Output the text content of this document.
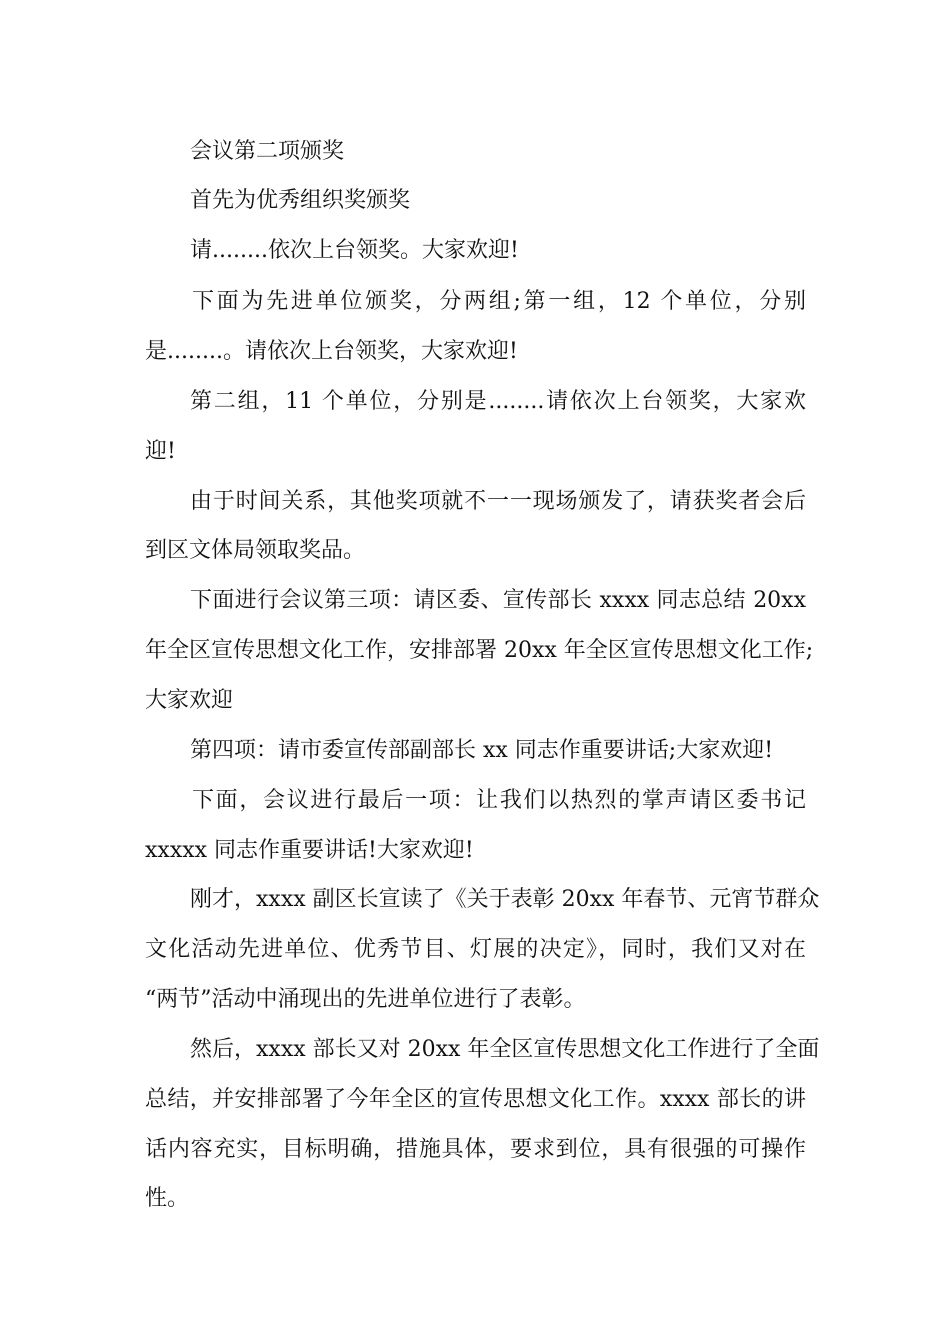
会议第二项颁奖
首先为优秀组织奖颁奖
请........依次上台领奖。大家欢迎!
下面为先进单位颁奖，分两组;第一组，12 个单位，分别
是........。请依次上台领奖，大家欢迎!
第二组，11 个单位，分别是........请依次上台领奖，大家欢
迎!
由于时间关系，其他奖项就不一一现场颁发了，请获奖者会后
到区文体局领取奖品。
下面进行会议第三项：请区委、宣传部长 xxxx 同志总结 20xx
年全区宣传思想文化工作，安排部署 20xx 年全区宣传思想文化工作;
大家欢迎
第四项：请市委宣传部副部长 xx 同志作重要讲话;大家欢迎!
下面，会议进行最后一项：让我们以热烈的掌声请区委书记
xxxxx 同志作重要讲话!大家欢迎!
刚才，xxxx 副区长宣读了《关于表彰 20xx 年春节、元宵节群众
文化活动先进单位、优秀节目、灯展的决定》，同时，我们又对在
“两节”活动中涌现出的先进单位进行了表彰。
然后，xxxx 部长又对 20xx 年全区宣传思想文化工作进行了全面
总结，并安排部署了今年全区的宣传思想文化工作。xxxx 部长的讲
话内容充实，目标明确，措施具体，要求到位，具有很强的可操作
性。
